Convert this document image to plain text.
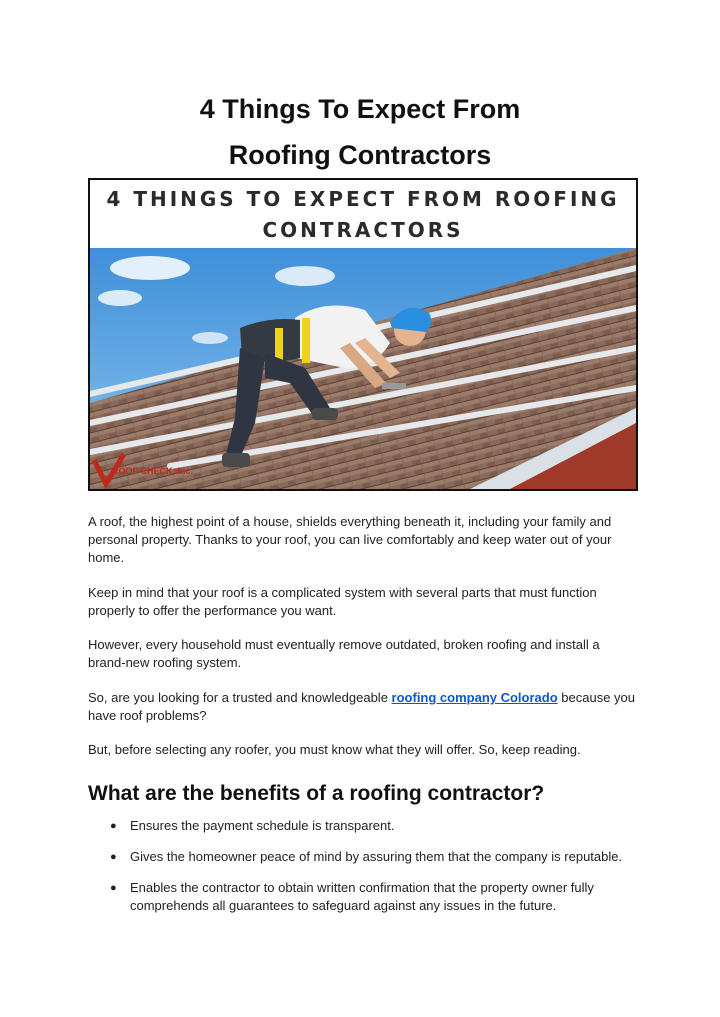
4 Things To Expect From
Roofing Contractors
4 THINGS TO EXPECT FROM ROOFING
CONTRACTORS
ROOF CHECK, Inc.

A roof, the highest point of a house, shields everything beneath it, including your family and personal property. Thanks to your roof, you can live comfortably and keep water out of your home.

Keep in mind that your roof is a complicated system with several parts that must function properly to offer the performance you want.

However, every household must eventually remove outdated, broken roofing and install a brand-new roofing system.

So, are you looking for a trusted and knowledgeable roofing company Colorado because you have roof problems?

But, before selecting any roofer, you must know what they will offer. So, keep reading.

What are the benefits of a roofing contractor?
● Ensures the payment schedule is transparent.
● Gives the homeowner peace of mind by assuring them that the company is reputable.
● Enables the contractor to obtain written confirmation that the property owner fully comprehends all guarantees to safeguard against any issues in the future.
